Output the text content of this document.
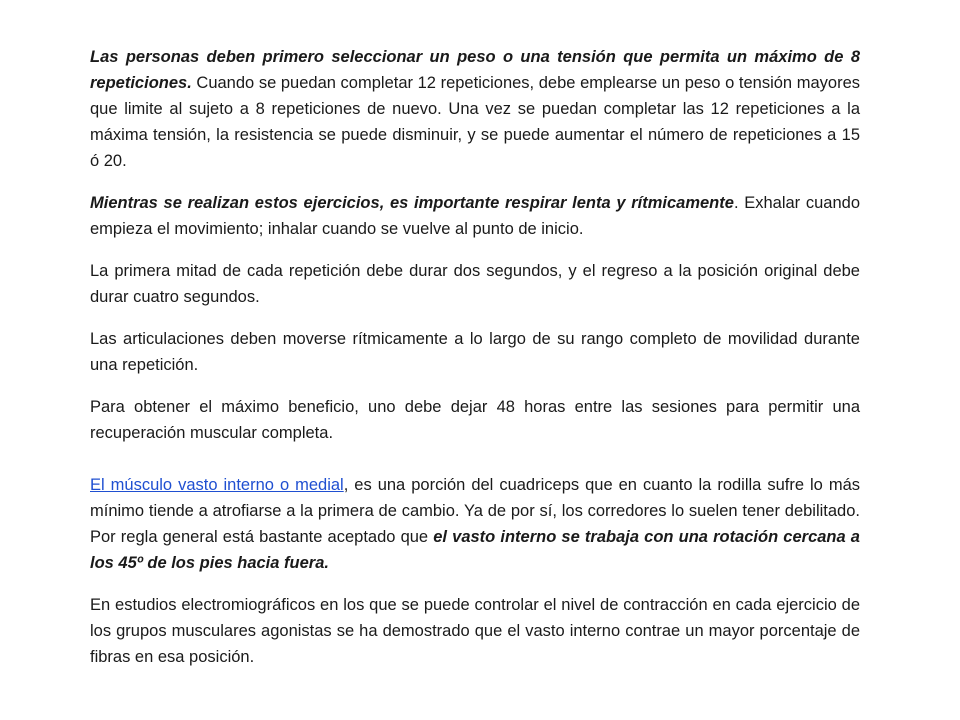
Las personas deben primero seleccionar un peso o una tensión que permita un máximo de 8 repeticiones. Cuando se puedan completar 12 repeticiones, debe emplearse un peso o tensión mayores que limite al sujeto a 8 repeticiones de nuevo. Una vez se puedan completar las 12 repeticiones a la máxima tensión, la resistencia se puede disminuir, y se puede aumentar el número de repeticiones a 15 ó 20.

Mientras se realizan estos ejercicios, es importante respirar lenta y rítmicamente. Exhalar cuando empieza el movimiento; inhalar cuando se vuelve al punto de inicio.

La primera mitad de cada repetición debe durar dos segundos, y el regreso a la posición original debe durar cuatro segundos.

Las articulaciones deben moverse rítmicamente a lo largo de su rango completo de movilidad durante una repetición.

Para obtener el máximo beneficio, uno debe dejar 48 horas entre las sesiones para permitir una recuperación muscular completa.

El músculo vasto interno o medial, es una porción del cuadriceps que en cuanto la rodilla sufre lo más mínimo tiende a atrofiarse a la primera de cambio. Ya de por sí, los corredores lo suelen tener debilitado. Por regla general está bastante aceptado que el vasto interno se trabaja con una rotación cercana a los 45º de los pies hacia fuera.

En estudios electromiográficos en los que se puede controlar el nivel de contracción en cada ejercicio de los grupos musculares agonistas se ha demostrado que el vasto interno contrae un mayor porcentaje de fibras en esa posición.
